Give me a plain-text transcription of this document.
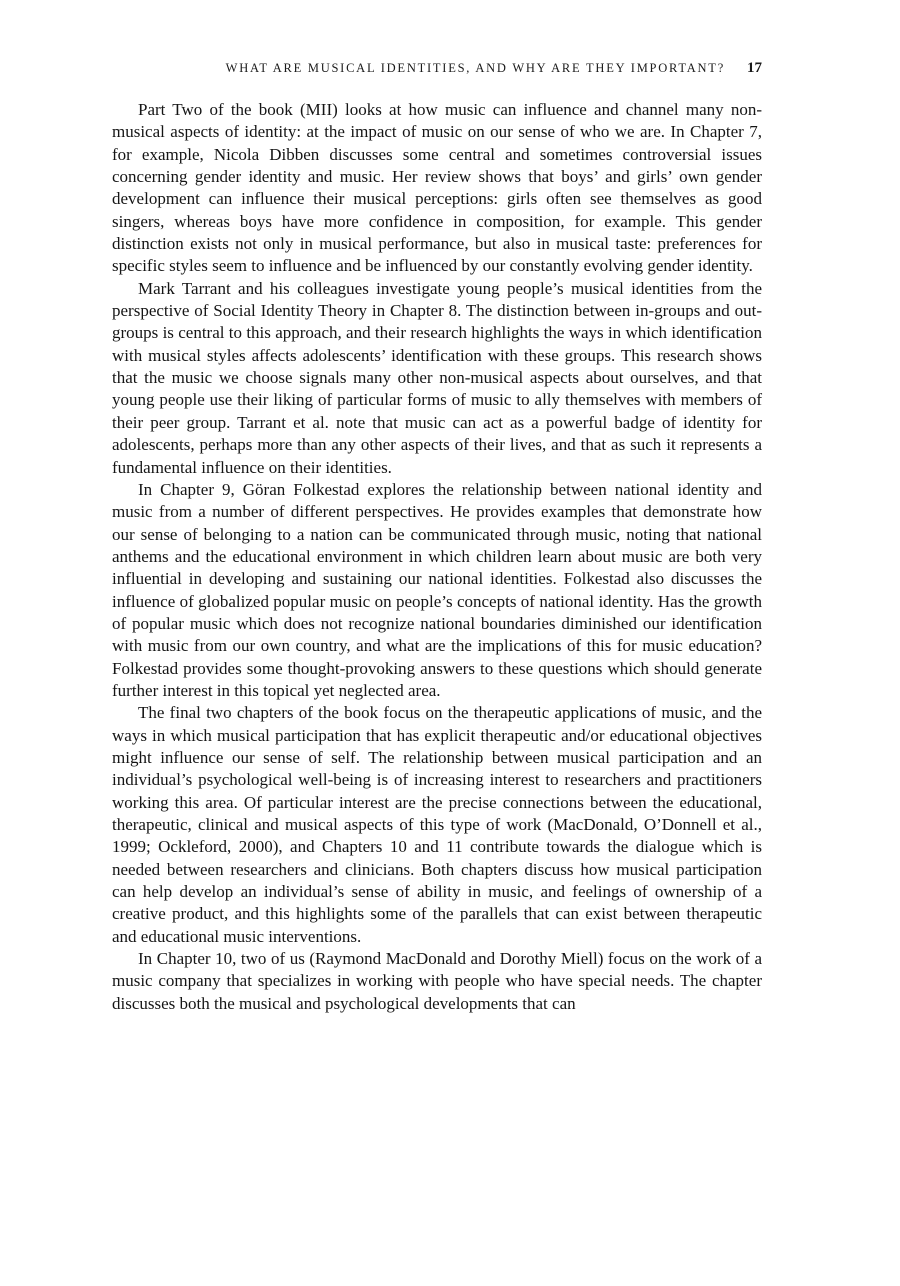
WHAT ARE MUSICAL IDENTITIES, AND WHY ARE THEY IMPORTANT? 17

Part Two of the book (MII) looks at how music can influence and channel many non-musical aspects of identity: at the impact of music on our sense of who we are. In Chapter 7, for example, Nicola Dibben discusses some central and sometimes controversial issues concerning gender identity and music. Her review shows that boys’ and girls’ own gender development can influence their musical perceptions: girls often see themselves as good singers, whereas boys have more confidence in composition, for example. This gender distinction exists not only in musical performance, but also in musical taste: preferences for specific styles seem to influence and be influenced by our constantly evolving gender identity.

Mark Tarrant and his colleagues investigate young people’s musical identities from the perspective of Social Identity Theory in Chapter 8. The distinction between in-groups and out-groups is central to this approach, and their research highlights the ways in which identification with musical styles affects adolescents’ identification with these groups. This research shows that the music we choose signals many other non-musical aspects about ourselves, and that young people use their liking of particular forms of music to ally themselves with members of their peer group. Tarrant et al. note that music can act as a powerful badge of identity for adolescents, perhaps more than any other aspects of their lives, and that as such it represents a fundamental influence on their identities.

In Chapter 9, Göran Folkestad explores the relationship between national identity and music from a number of different perspectives. He provides examples that demonstrate how our sense of belonging to a nation can be communicated through music, noting that national anthems and the educational environment in which children learn about music are both very influential in developing and sustaining our national identities. Folkestad also discusses the influence of globalized popular music on people’s concepts of national identity. Has the growth of popular music which does not recognize national boundaries diminished our identification with music from our own country, and what are the implications of this for music education? Folkestad provides some thought-provoking answers to these questions which should generate further interest in this topical yet neglected area.

The final two chapters of the book focus on the therapeutic applications of music, and the ways in which musical participation that has explicit therapeutic and/or educational objectives might influence our sense of self. The relationship between musical participation and an individual’s psychological well-being is of increasing interest to researchers and practitioners working this area. Of particular interest are the precise connections between the educational, therapeutic, clinical and musical aspects of this type of work (MacDonald, O’Donnell et al., 1999; Ockleford, 2000), and Chapters 10 and 11 contribute towards the dialogue which is needed between researchers and clinicians. Both chapters discuss how musical participation can help develop an individual’s sense of ability in music, and feelings of ownership of a creative product, and this highlights some of the parallels that can exist between therapeutic and educational music interventions.

In Chapter 10, two of us (Raymond MacDonald and Dorothy Miell) focus on the work of a music company that specializes in working with people who have special needs. The chapter discusses both the musical and psychological developments that can
